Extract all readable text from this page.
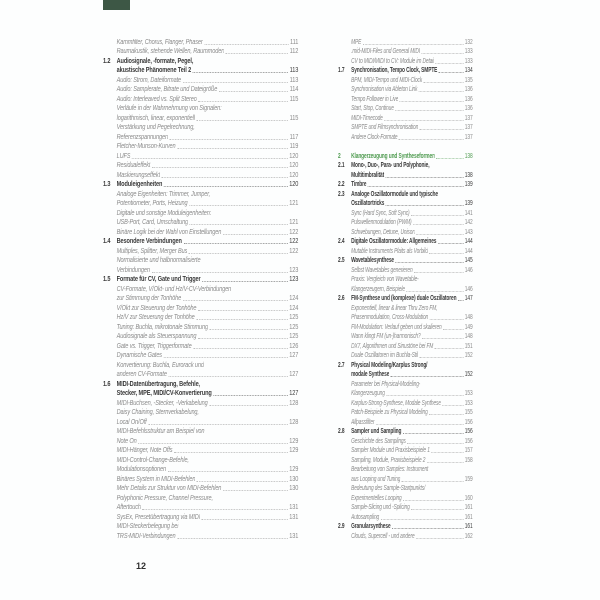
Kammfilter, Chorus, Flanger, Phaser	111
Raumakustik, stehende Wellen, Raummoden	112
1.2 Audiosignale, -formate, Pegel,
akustische Phänomene Teil 2	113
Audio: Strom, Dateiformate	113
Audio: Samplerate, Bitrate und Dateigröße	114
Audio: Interleaved vs. Split Stereo	115
Verläufe in der Wahrnehmung von Signalen:
logarithmisch, linear, exponentiell	115
Verstärkung und Pegelrechnung,
Referenzspannungen	117
Fletcher-Munson-Kurven	119
LUFS	120
Residualeffekt	120
Maskierungseffekt	120
1.3 Moduleigenheiten	120
Analoge Eigenheiten: Trimmer, Jumper,
Potentiometer, Ports, Heizung	121
Digitale und sonstige Moduleigenheiten:
USB-Port, Card, Umschaltung	121
Binäre Logik bei der Wahl von Einstellungen	122
1.4 Besondere Verbindungen	122
Multiples, Splitter, Merger Bus	122
Normalisierte und halbnormalisierte
Verbindungen	123
1.5 Formate für CV, Gate und Trigger	123
CV-Formate, V/Okt- und Hz/V-CV-Verbindungen
zur Stimmung der Tonhöhe	124
V/Okt zur Steuerung der Tonhöhe	124
Hz/V zur Steuerung der Tonhöhe	125
Tuning: Buchla, mikrotonale Stimmung	125
Audiosignale als Steuerspannung	125
Gate vs. Trigger, Triggerformate	126
Dynamische Gates	127
Konvertierung: Buchla, Eurorack und
anderen CV-Formate	127
1.6 MIDI-Datenübertragung, Befehle,
Stecker, MPE, MIDI/CV-Konvertierung	127
MIDI-Buchsen, -Stecker, -Verkabelung	128
Daisy Chaining, Sternverkabelung,
Local On/Off	128
MIDI-Befehlsstruktur am Beispiel von
Note On	129
MIDI-Hänger, Note Offs	129
MIDI-Control-Change-Befehle,
Modulationsoptionen	129
Binäres System in MIDI-Befehlen	130
Mehr Details zur Struktur von MIDI-Befehlen	130
Polyphonic Pressure, Channel Pressure,
Aftertouch	131
SysEx, Presetübertragung via MIDI	131
MIDI-Steckerbelegung bei
TRS-MIDI-Verbindungen	131
MPE	132
.mid-MIDI-Files und General MIDI	133
CV to MIDI/MIDI to CV: Module im Detail	133
1.7 Synchronisation, Tempo Clock, SMPTE	134
BPM, MIDI-Tempo und MIDI-Clock	135
Synchronisation via Ableton Link	136
Tempo Follower in Live	136
Start, Stop, Continue	136
MIDI-Timecode	137
SMPTE und Filmsynchronisation	137
Andere Clock-Formate	137
2	Klangerzeugung und Syntheseformen	138
2.1 Mono-, Duo-, Para- und Polyphonie,
Multitimbralität	138
2.2 Timbre	139
2.3 Analoge Oszillatormodule und typische
Oszillatortricks	139
Sync (Hard Sync, Soft Sync)	141
Pulswellenmodulation (PWM)	142
Schwebungen, Detune, Unison	143
2.4 Digitale Oszillatormodule: Allgemeines	144
Mutable Instruments Plaits als Vorbild	144
2.5 Wavetablesynthese	145
Selbst Wavetables generieren	146
Praxis: Vergleich von Wavetable-
Klangerzeugern, Beispiele	146
2.6 FM-Synthese und (komplexe) duale Oszillatoren 147
Exponentiell, linear & linear Thru Zero FM,
Phasenmodulation, Cross-Modulation	148
FM-Modulation: Verlauf geben und skalieren	149
Wann klingt FM (un-)harmonisch?	148
DX7, Algorithmen und Sinustöne bei FM	151
Duale Oszillatoren im Buchla-Stil	152
2.7 Physical Modeling/Karplus Strong/
modale Synthese	152
Parameter bei Physical-Modeling-
Klangerzeugung	153
Karplus-Strong-Synthese, Modale Synthese	153
Patch-Beispiele zu Physical Modeling	155
Allpassfilter	156
2.8 Sampler und Sampling	156
Geschichte des Samplings	156
Sampler Module und Praxisbeispiele 1	157
Sampling, Module, Praxisbeispiele 2	158
Bearbeitung von Samples: Instrument
aus Looping und Tuning	159
Bedeutung des Sample-Startpunkts/
Experimentelles Looping	160
Sample-Slicing und -Splicing	161
Autosampling	161
2.9 Granularsynthese	161
Clouds, Supercell - und andere	162
12
